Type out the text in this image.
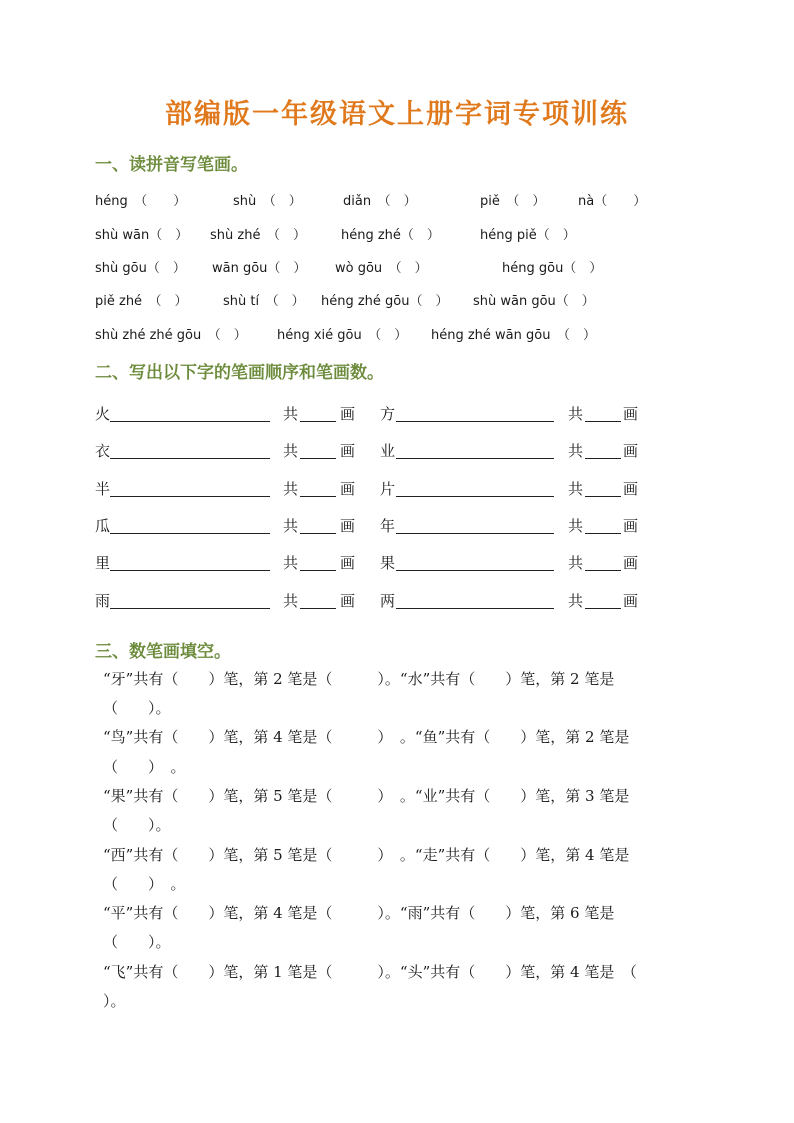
部编版一年级语文上册字词专项训练
一、读拼音写笔画。
héng　（　　）	shù　（　）	diǎn　（　）	piě　（　）	nà（　　）
shù wān（　） shù zhé　（　）	héng zhé（　）	héng piě（　）
shù gōu（　） wān gōu（　） wò gōu　（　）	héng gōu（　）
piě zhé　（　）	shù tí　（　） héng zhé gōu（　） shù wān gōu（　）
shù zhé zhé gōu　（　） héng xié gōu　（　） héng zhé wān gōu　（　）
二、写出以下字的笔画顺序和笔画数。
火	共	画 方	共	画
衣	共	画 业	共	画
半	共	画 片	共	画
瓜	共	画 年	共	画
里	共	画 果	共	画
雨	共	画 两	共	画
三、数笔画填空。
“牙”共有（　　）笔，第 2 笔是（　　　）。“水”共有（　　）笔，第 2 笔是
（　　）。
“鸟”共有（　　）笔，第 4 笔是（　　　）　。“鱼”共有（　　）笔，第 2 笔是
（　　）　。
“果”共有（　　）笔，第 5 笔是（　　　）　。“业”共有（　　）笔，第 3 笔是
（　　）。
“西”共有（　　）笔，第 5 笔是（　　　）　。“走”共有（　　）笔，第 4 笔是
（　　）　。
“平”共有（　　）笔，第 4 笔是（　　　）。“雨”共有（　　）笔，第 6 笔是
（　　）。
“飞”共有（　　）笔，第 1 笔是（　　　）。“头”共有（　　）笔，第 4 笔是　（
）。
